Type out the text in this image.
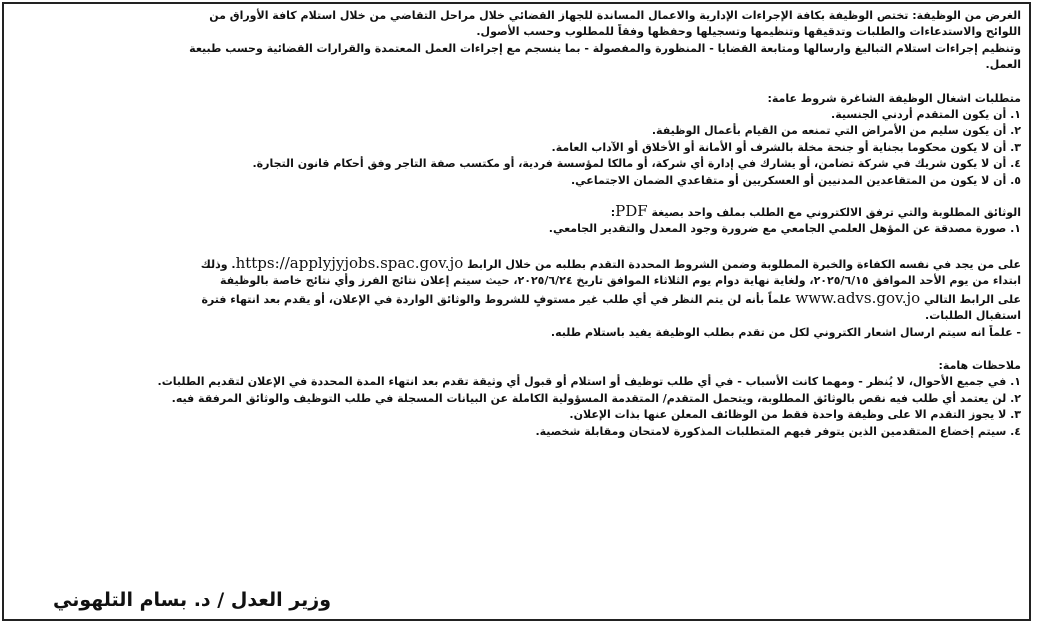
الغرض من الوظيفة: تختص الوظيفة بكافة الإجراءات الإدارية والاعمال المساندة للجهاز القضائي خلال مراحل التقاضي من خلال استلام كافة الأوراق من
اللوائح والاستدعاءات والطلبات وتدقيقها وتنظيمها وتسجيلها وحفظها وفقاً للمطلوب وحسب الأصول.
وتنظيم إجراءات استلام التباليغ وارسالها ومتابعة القضايا - المنظورة والمفصولة - بما ينسجم مع إجراءات العمل المعتمدة والقرارات القضائية وحسب طبيعة
العمل.
متطلبات اشغال الوظيفة الشاغرة شروط عامة:
١. أن يكون المتقدم أردني الجنسية.
٢. أن يكون سليم من الأمراض التي تمنعه من القيام بأعمال الوظيفة.
٣. أن لا يكون محكوما بجناية أو جنحة مخلة بالشرف أو الأمانة أو الأخلاق أو الآداب العامة.
٤. أن لا يكون شريك في شركة تضامن، أو يشارك في إدارة أي شركة، أو مالكا لمؤسسة فردية، أو مكتسب صفة التاجر وفق أحكام قانون التجارة.
٥. أن لا يكون من المتقاعدين المدنيين أو العسكريين أو متقاعدي الضمان الاجتماعي.
الوثائق المطلوبة والتي ترفق الالكتروني مع الطلب بملف واحد بصيغة PDF:
١. صورة مصدقة عن المؤهل العلمي الجامعي مع ضرورة وجود المعدل والتقدير الجامعي.
على من يجد في نفسه الكفاءة والخبرة المطلوبة وضمن الشروط المحددة التقدم بطلبه من خلال الرابط https://applyjyjobs.spac.gov.jo. وذلك
ابتداء من يوم الأحد الموافق ٢٠٢٥/٦/١٥، ولغاية نهاية دوام يوم الثلاثاء الموافق تاريخ ٢٠٢٥/٦/٢٤، حيث سيتم إعلان نتائج الفرز وأي نتائج خاصة بالوظيفة
على الرابط التالي www.advs.gov.jo علماً بأنه لن يتم النظر في أي طلب غير مستوفٍ للشروط والوثائق الواردة في الإعلان، أو يقدم بعد انتهاء فترة
استقبال الطلبات.
- علماً انه سيتم ارسال اشعار الكتروني لكل من تقدم بطلب الوظيفة يفيد باستلام طلبه.
ملاحظات هامة:
١. في جميع الأحوال، لا يُنظر - ومهما كانت الأسباب - في أي طلب توظيف أو استلام أو قبول أي وثيقة تقدم بعد انتهاء المدة المحددة في الإعلان لتقديم الطلبات.
٢. لن يعتمد أي طلب فيه نقص بالوثائق المطلوبة، ويتحمل المتقدم/ المتقدمة المسؤولية الكاملة عن البيانات المسجلة في طلب التوظيف والوثائق المرفقة فيه.
٣. لا يجوز التقدم الا على وظيفة واحدة فقط من الوظائف المعلن عنها بذات الإعلان.
٤. سيتم إخضاع المتقدمين الذين يتوفر فيهم المتطلبات المذكورة لامتحان ومقابلة شخصية.
وزير العدل / د. بسام التلهوني
